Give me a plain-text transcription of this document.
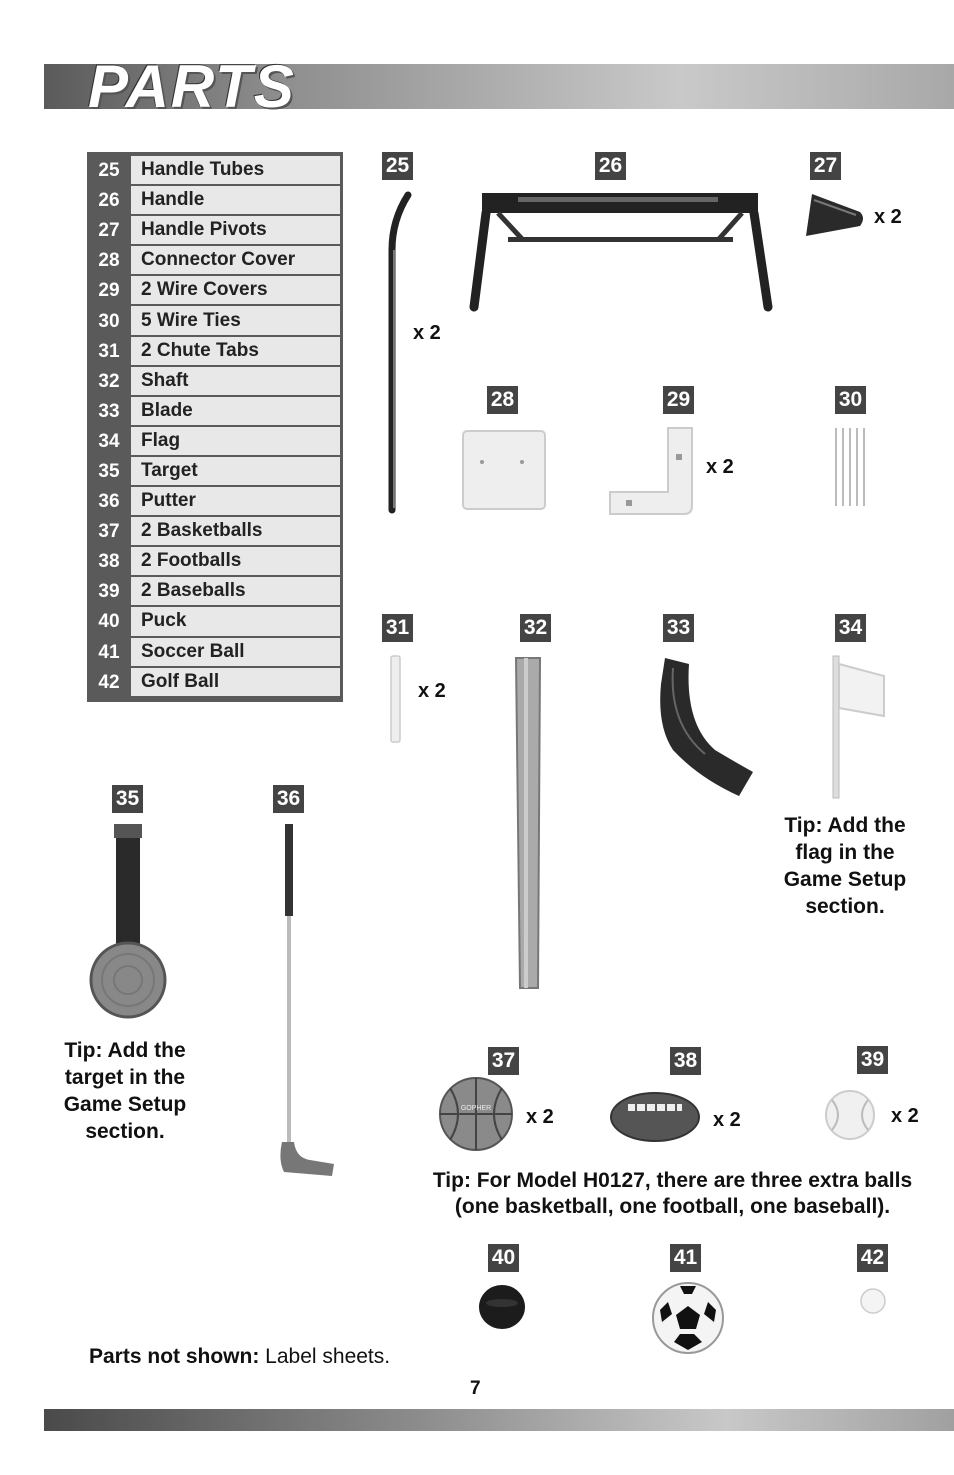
PARTS
25	Handle Tubes
26	Handle
27	Handle Pivots
28	Connector Cover
29	2 Wire Covers
30	5 Wire Ties
31	2 Chute Tabs
32	Shaft
33	Blade
34	Flag
35	Target
36	Putter
37	2 Basketballs
38	2 Footballs
39	2 Baseballs
40	Puck
41	Soccer Ball
42	Golf Ball
25
x 2
26	27
x 2
28	29
x 2
30
31
x 2
32	33	34
Tip: Add the
flag in the
Game Setup
section.
35
Tip: Add the
target in the
Game Setup
section.
36
37
GOPHER x 2
38
x 2
39
x 2
Tip: For Model H0127, there are three extra balls
(one basketball, one football, one baseball).
40	41	42
Parts not shown: Label sheets.
7
